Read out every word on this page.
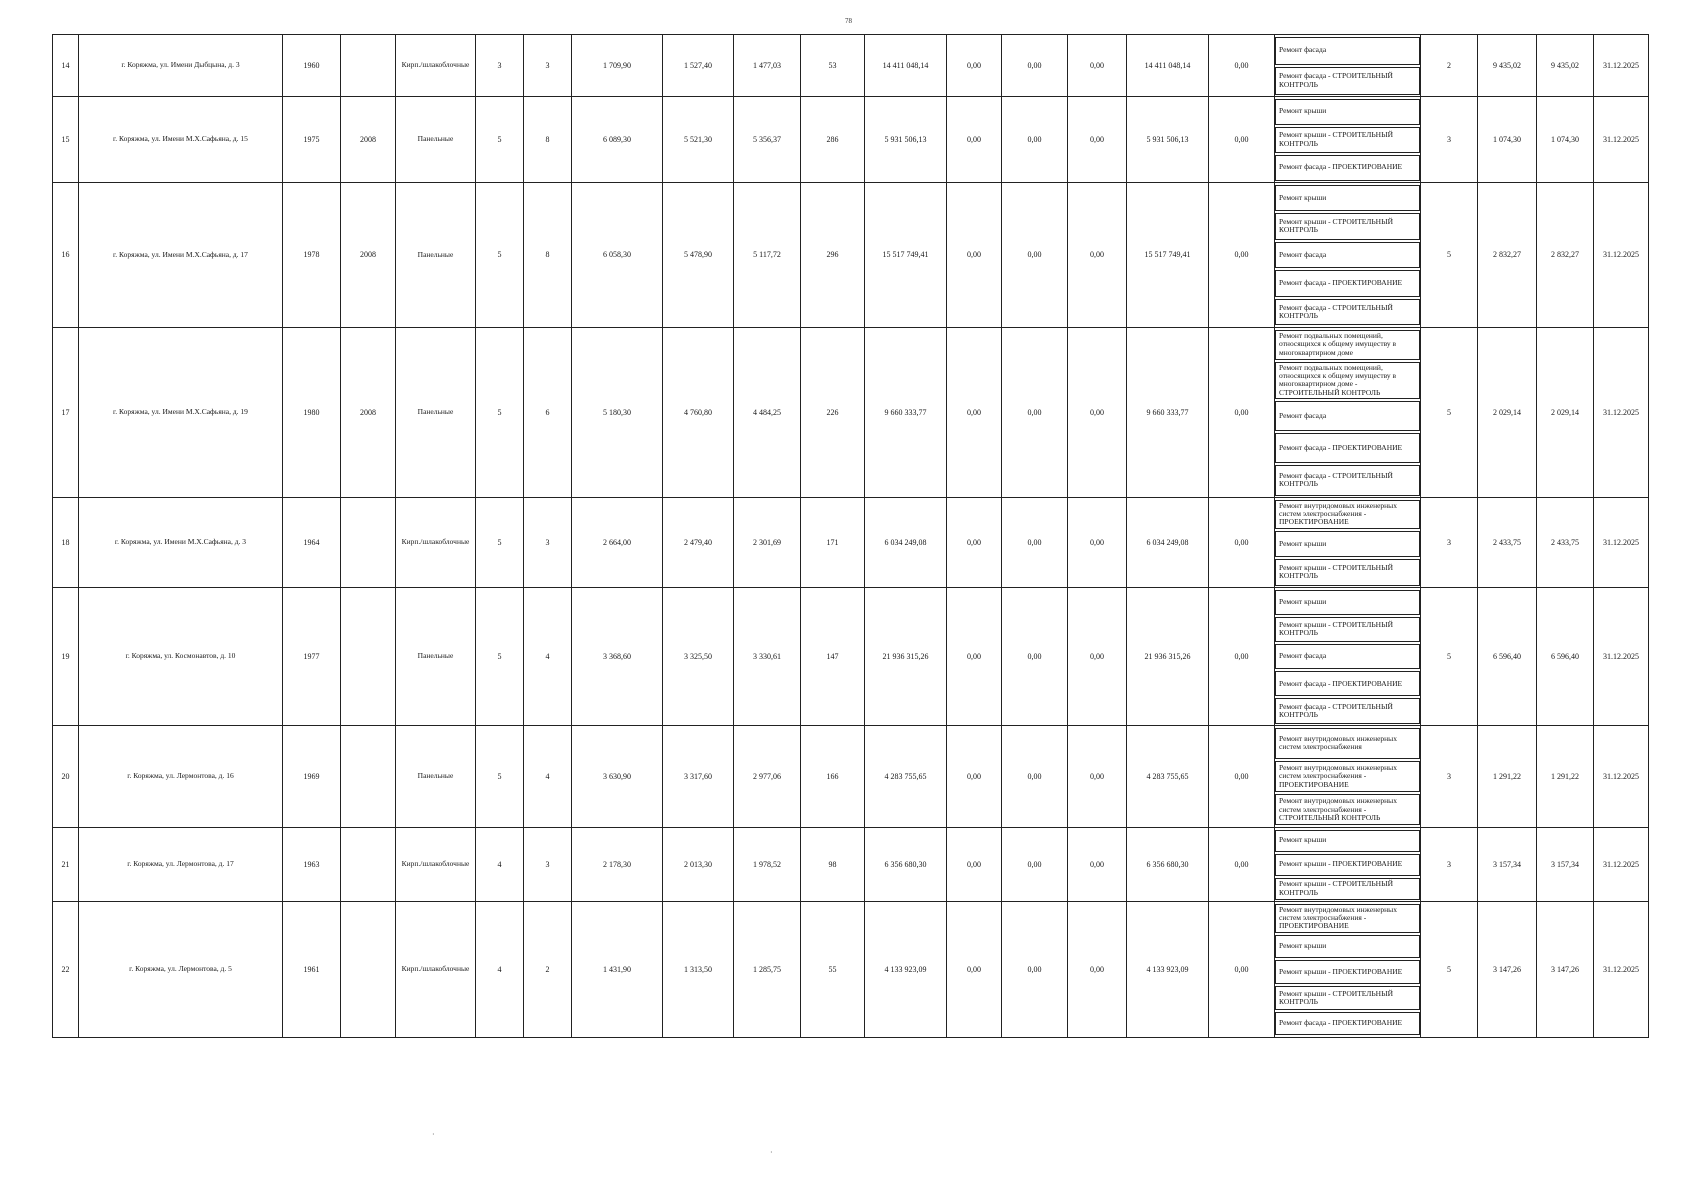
78
14	г. Коряжма, ул. Имени Дыбцына, д. 3	1960		Кирп./шлакоблочные	3	3	1 709,90	1 527,40	1 477,03	53	14 411 048,14	0,00	0,00	0,00	14 411 048,14	0,00	Ремонт фасада
Ремонт фасада - СТРОИТЕЛЬНЫЙ КОНТРОЛЬ	2	9 435,02	9 435,02	31.12.2025
15	г. Коряжма, ул. Имени М.Х.Сафьяна, д. 15	1975	2008	Панельные	5	8	6 089,30	5 521,30	5 356,37	286	5 931 506,13	0,00	0,00	0,00	5 931 506,13	0,00	Ремонт крыши
Ремонт крыши - СТРОИТЕЛЬНЫЙ КОНТРОЛЬ
Ремонт фасада - ПРОЕКТИРОВАНИЕ	3	1 074,30	1 074,30	31.12.2025
16	г. Коряжма, ул. Имени М.Х.Сафьяна, д. 17	1978	2008	Панельные	5	8	6 058,30	5 478,90	5 117,72	296	15 517 749,41	0,00	0,00	0,00	15 517 749,41	0,00	Ремонт крыши
Ремонт крыши - СТРОИТЕЛЬНЫЙ КОНТРОЛЬ
Ремонт фасада
Ремонт фасада - ПРОЕКТИРОВАНИЕ
Ремонт фасада - СТРОИТЕЛЬНЫЙ КОНТРОЛЬ	5	2 832,27	2 832,27	31.12.2025
17	г. Коряжма, ул. Имени М.Х.Сафьяна, д. 19	1980	2008	Панельные	5	6	5 180,30	4 760,80	4 484,25	226	9 660 333,77	0,00	0,00	0,00	9 660 333,77	0,00	Ремонт подвальных помещений, относящихся к общему имуществу в многоквартирном доме
Ремонт подвальных помещений, относящихся к общему имуществу в многоквартирном доме - СТРОИТЕЛЬНЫЙ КОНТРОЛЬ
Ремонт фасада
Ремонт фасада - ПРОЕКТИРОВАНИЕ
Ремонт фасада - СТРОИТЕЛЬНЫЙ КОНТРОЛЬ	5	2 029,14	2 029,14	31.12.2025
18	г. Коряжма, ул. Имени М.Х.Сафьяна, д. 3	1964		Кирп./шлакоблочные	5	3	2 664,00	2 479,40	2 301,69	171	6 034 249,08	0,00	0,00	0,00	6 034 249,08	0,00	Ремонт внутридомовых инженерных систем электроснабжения - ПРОЕКТИРОВАНИЕ
Ремонт крыши
Ремонт крыши - СТРОИТЕЛЬНЫЙ КОНТРОЛЬ	3	2 433,75	2 433,75	31.12.2025
19	г. Коряжма, ул. Космонавтов, д. 10	1977		Панельные	5	4	3 368,60	3 325,50	3 330,61	147	21 936 315,26	0,00	0,00	0,00	21 936 315,26	0,00	Ремонт крыши
Ремонт крыши - СТРОИТЕЛЬНЫЙ КОНТРОЛЬ
Ремонт фасада
Ремонт фасада - ПРОЕКТИРОВАНИЕ
Ремонт фасада - СТРОИТЕЛЬНЫЙ КОНТРОЛЬ	5	6 596,40	6 596,40	31.12.2025
20	г. Коряжма, ул. Лермонтова, д. 16	1969		Панельные	5	4	3 630,90	3 317,60	2 977,06	166	4 283 755,65	0,00	0,00	0,00	4 283 755,65	0,00	Ремонт внутридомовых инженерных систем электроснабжения
Ремонт внутридомовых инженерных систем электроснабжения - ПРОЕКТИРОВАНИЕ
Ремонт внутридомовых инженерных систем электроснабжения - СТРОИТЕЛЬНЫЙ КОНТРОЛЬ	3	1 291,22	1 291,22	31.12.2025
21	г. Коряжма, ул. Лермонтова, д. 17	1963		Кирп./шлакоблочные	4	3	2 178,30	2 013,30	1 978,52	98	6 356 680,30	0,00	0,00	0,00	6 356 680,30	0,00	Ремонт крыши
Ремонт крыши - ПРОЕКТИРОВАНИЕ
Ремонт крыши - СТРОИТЕЛЬНЫЙ КОНТРОЛЬ	3	3 157,34	3 157,34	31.12.2025
22	г. Коряжма, ул. Лермонтова, д. 5	1961		Кирп./шлакоблочные	4	2	1 431,90	1 313,50	1 285,75	55	4 133 923,09	0,00	0,00	0,00	4 133 923,09	0,00	Ремонт внутридомовых инженерных систем электроснабжения - ПРОЕКТИРОВАНИЕ
Ремонт крыши
Ремонт крыши - ПРОЕКТИРОВАНИЕ
Ремонт крыши - СТРОИТЕЛЬНЫЙ КОНТРОЛЬ
Ремонт фасада - ПРОЕКТИРОВАНИЕ	5	3 147,26	3 147,26	31.12.2025
·
·
